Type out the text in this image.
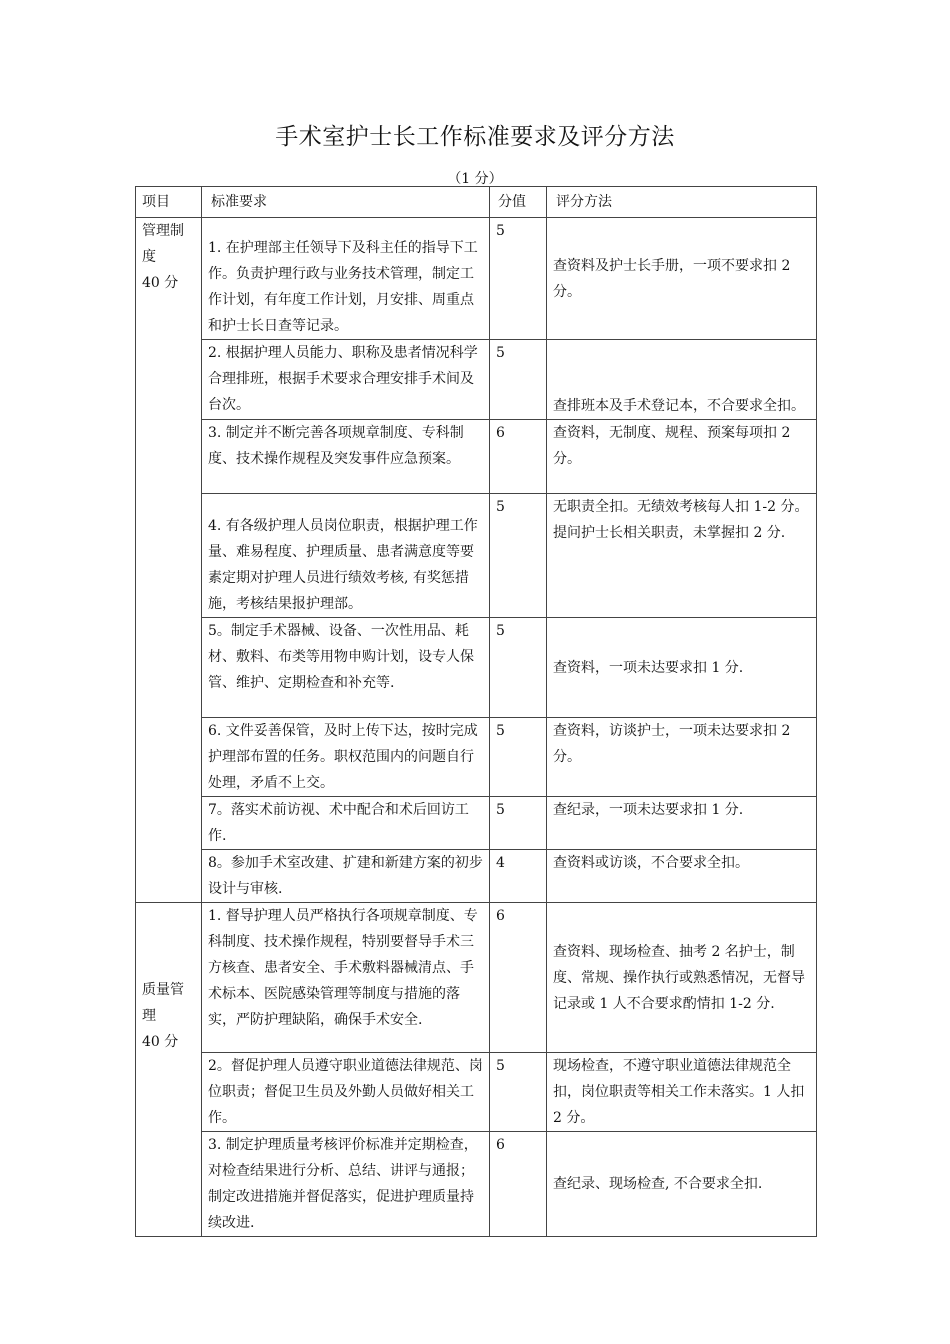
手术室护士长工作标准要求及评分方法
（1 分）
项目	标准要求	分值	评分方法

管理制
度
40 分	1. 在护理部主任领导下及科主任的指导下工作。负责护理行政与业务技术管理，制定工作计划，有年度工作计划，月安排、周重点和护士长日查等记录。	5	查资料及护士长手册，一项不要求扣 2 分。
	2. 根据护理人员能力、职称及患者情况科学合理排班，根据手术要求合理安排手术间及台次。	5	查排班本及手术登记本，不合要求全扣。
	3. 制定并不断完善各项规章制度、专科制度、技术操作规程及突发事件应急预案。	6	查资料，无制度、规程、预案每项扣 2 分。
	4. 有各级护理人员岗位职责，根据护理工作量、难易程度、护理质量、患者满意度等要素定期对护理人员进行绩效考核, 有奖惩措施，考核结果报护理部。	5	无职责全扣。无绩效考核每人扣 1-2 分。提问护士长相关职责，未掌握扣 2 分.
	5。制定手术器械、设备、一次性用品、耗材、敷料、布类等用物申购计划，设专人保管、维护、定期检查和补充等.	5	查资料，一项未达要求扣 1 分.
	6. 文件妥善保管，及时上传下达，按时完成护理部布置的任务。职权范围内的问题自行处理，矛盾不上交。	5	查资料，访谈护士，一项未达要求扣 2 分。
	7。落实术前访视、术中配合和术后回访工作.	5	查纪录，一项未达要求扣 1 分.
	8。参加手术室改建、扩建和新建方案的初步设计与审核.	4	查资料或访谈，不合要求全扣。

质量管
理
40 分	1. 督导护理人员严格执行各项规章制度、专科制度、技术操作规程，特别要督导手术三方核查、患者安全、手术敷料器械清点、手术标本、医院感染管理等制度与措施的落实，严防护理缺陷，确保手术安全.	6	查资料、现场检查、抽考 2 名护士，制度、常规、操作执行或熟悉情况，无督导记录或 1 人不合要求酌情扣 1-2 分.
	2。督促护理人员遵守职业道德法律规范、岗位职责；督促卫生员及外勤人员做好相关工作。	5	现场检查，不遵守职业道德法律规范全扣，岗位职责等相关工作未落实。1 人扣 2 分。
	3. 制定护理质量考核评价标准并定期检查，对检查结果进行分析、总结、讲评与通报；制定改进措施并督促落实，促进护理质量持续改进.	6	查纪录、现场检查, 不合要求全扣.
